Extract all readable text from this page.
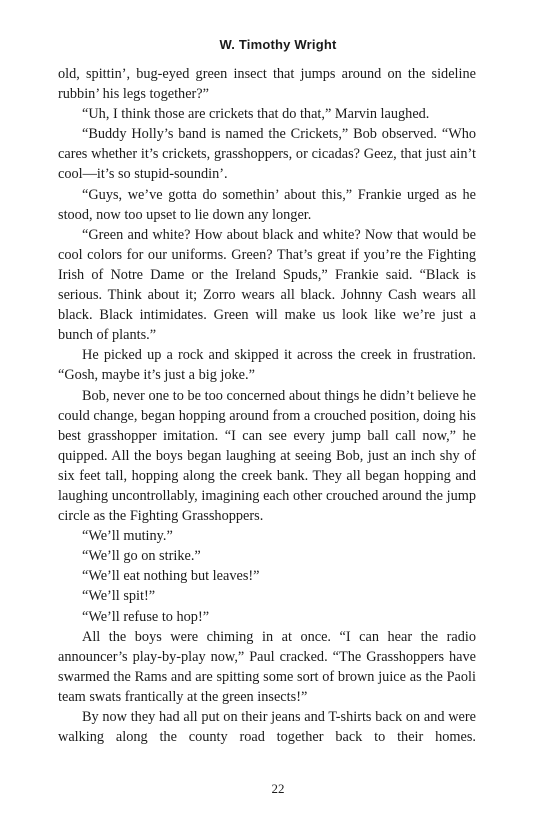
W. Timothy Wright

old, spittin’, bug-eyed green insect that jumps around on the sideline rubbin’ his legs together?”

“Uh, I think those are crickets that do that,” Marvin laughed.

“Buddy Holly’s band is named the Crickets,” Bob observed. “Who cares whether it’s crickets, grasshoppers, or cicadas? Geez, that just ain’t cool—it’s so stupid-soundin’.

“Guys, we’ve gotta do somethin’ about this,” Frankie urged as he stood, now too upset to lie down any longer.

“Green and white? How about black and white? Now that would be cool colors for our uniforms. Green? That’s great if you’re the Fighting Irish of Notre Dame or the Ireland Spuds,” Frankie said. “Black is serious. Think about it; Zorro wears all black. Johnny Cash wears all black. Black intimidates. Green will make us look like we’re just a bunch of plants.”

He picked up a rock and skipped it across the creek in frustration. “Gosh, maybe it’s just a big joke.”

Bob, never one to be too concerned about things he didn’t believe he could change, began hopping around from a crouched position, doing his best grasshopper imitation. “I can see every jump ball call now,” he quipped. All the boys began laughing at seeing Bob, just an inch shy of six feet tall, hopping along the creek bank. They all began hopping and laughing uncontrollably, imagining each other crouched around the jump circle as the Fighting Grasshoppers.

“We’ll mutiny.”

“We’ll go on strike.”

“We’ll eat nothing but leaves!”

“We’ll spit!”

“We’ll refuse to hop!”

All the boys were chiming in at once. “I can hear the radio announcer’s play-by-play now,” Paul cracked. “The Grasshoppers have swarmed the Rams and are spitting some sort of brown juice as the Paoli team swats frantically at the green insects!”

By now they had all put on their jeans and T-shirts back on and were walking along the county road together back to their homes.

22
